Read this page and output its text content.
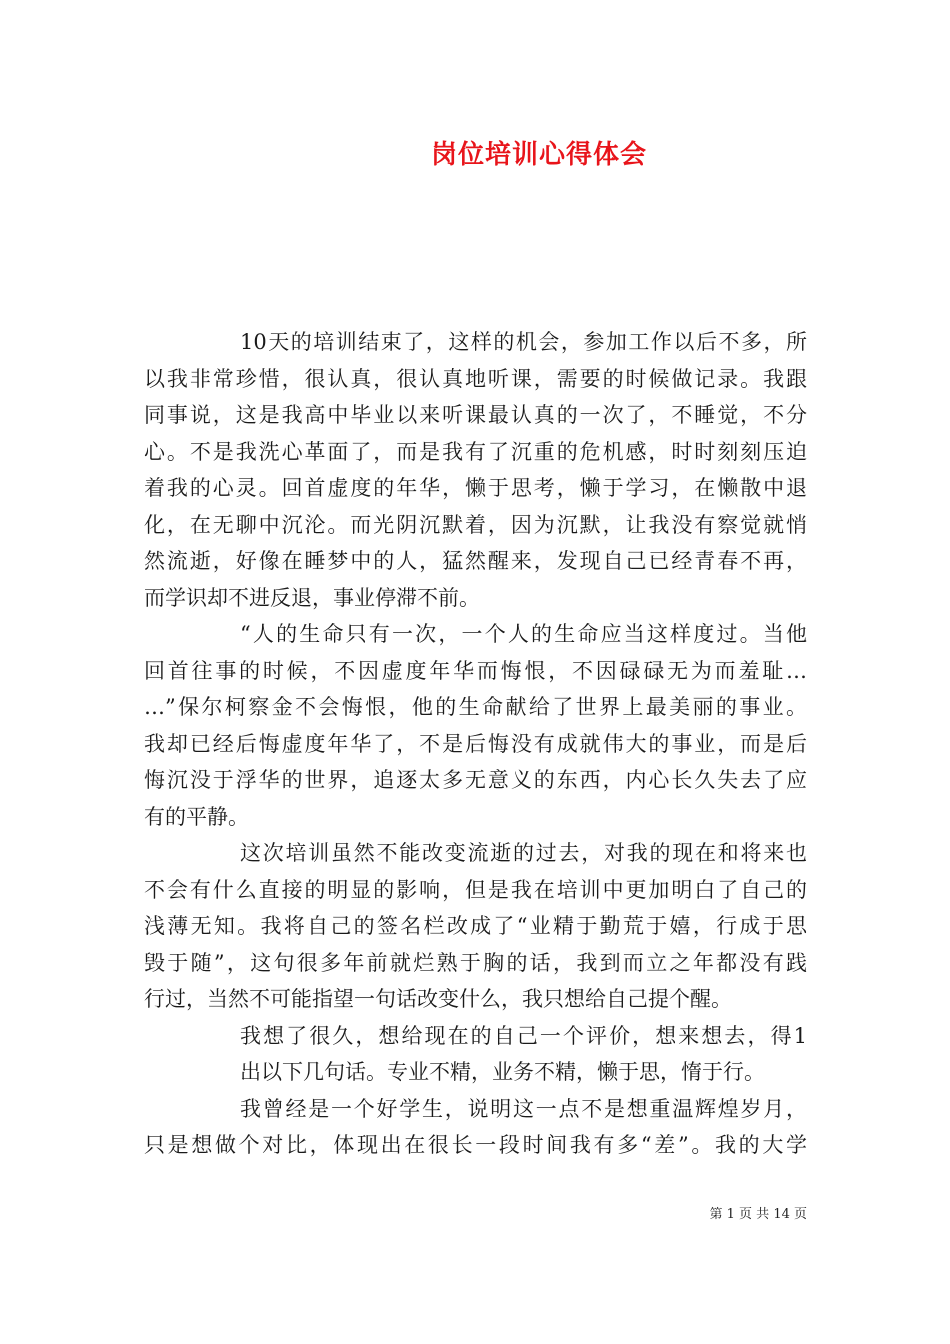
岗位培训心得体会
10天的培训结束了，这样的机会，参加工作以后不多，所
以我非常珍惜，很认真，很认真地听课，需要的时候做记录。我跟
同事说，这是我高中毕业以来听课最认真的一次了，不睡觉，不分
心。不是我洗心革面了，而是我有了沉重的危机感，时时刻刻压迫
着我的心灵。回首虚度的年华，懒于思考，懒于学习，在懒散中退
化，在无聊中沉沦。而光阴沉默着，因为沉默，让我没有察觉就悄
然流逝，好像在睡梦中的人，猛然醒来，发现自己已经青春不再，
而学识却不进反退，事业停滞不前。
“人的生命只有一次，一个人的生命应当这样度过。当他
回首往事的时候，不因虚度年华而悔恨，不因碌碌无为而羞耻…
…”保尔柯察金不会悔恨，他的生命献给了世界上最美丽的事业。
我却已经后悔虚度年华了，不是后悔没有成就伟大的事业，而是后
悔沉没于浮华的世界，追逐太多无意义的东西，内心长久失去了应
有的平静。
这次培训虽然不能改变流逝的过去，对我的现在和将来也
不会有什么直接的明显的影响，但是我在培训中更加明白了自己的
浅薄无知。我将自己的签名栏改成了“业精于勤荒于嬉，行成于思
毁于随”，这句很多年前就烂熟于胸的话，我到而立之年都没有践
行过，当然不可能指望一句话改变什么，我只想给自己提个醒。
我想了很久，想给现在的自己一个评价，想来想去，得1
出以下几句话。专业不精，业务不精，懒于思，惰于行。
我曾经是一个好学生，说明这一点不是想重温辉煌岁月，
只是想做个对比，体现出在很长一段时间我有多“差”。我的大学
第 1 页 共 14 页
